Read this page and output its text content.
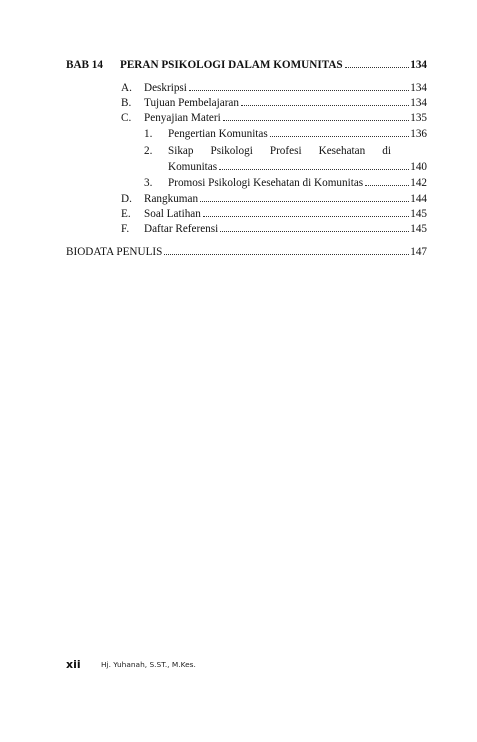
BAB 14	PERAN PSIKOLOGI DALAM KOMUNITAS	134
A. Deskripsi	134
B. Tujuan Pembelajaran	134
C. Penyajian Materi	135
1. Pengertian Komunitas	136
2. Sikap Psikologi Profesi Kesehatan di
Komunitas	140
3. Promosi Psikologi Kesehatan di Komunitas	142
D. Rangkuman	144
E. Soal Latihan	145
F. Daftar Referensi	145
BIODATA PENULIS	147
xii	Hj. Yuhanah, S.ST., M.Kes.
